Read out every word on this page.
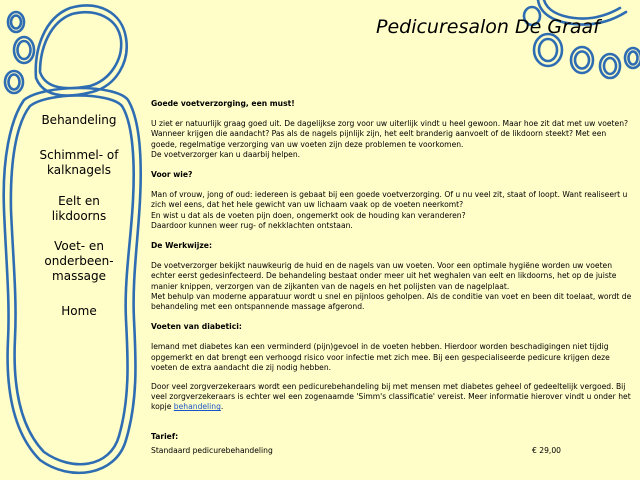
Pedicuresalon De Graaf
Behandeling
Schimmel- of kalknagels
Eelt en likdoorns
Voet- en onderbeen-massage
Home
Goede voetverzorging, een must!

U ziet er natuurlijk graag goed uit. De dagelijkse zorg voor uw uiterlijk vindt u heel gewoon. Maar hoe zit dat met uw voeten? Wanneer krijgen die aandacht? Pas als de nagels pijnlijk zijn, het eelt branderig aanvoelt of de likdoorn steekt? Met een goede, regelmatige verzorging van uw voeten zijn deze problemen te voorkomen.

De voetverzorger kan u daarbij helpen.

Voor wie?

Man of vrouw, jong of oud: iedereen is gebaat bij een goede voetverzorging. Of u nu veel zit, staat of loopt. Want realiseert u zich wel eens, dat het hele gewicht van uw lichaam vaak op de voeten neerkomt?

En wist u dat als de voeten pijn doen, ongemerkt ook de houding kan veranderen?

Daardoor kunnen weer rug- of nekklachten ontstaan.

De Werkwijze:

De voetverzorger bekijkt nauwkeurig de huid en de nagels van uw voeten. Voor een optimale hygiëne worden uw voeten echter eerst gedesinfecteerd. De behandeling bestaat onder meer uit het weghalen van eelt en likdoorns, het op de juiste manier knippen, verzorgen van de zijkanten van de nagels en het polijsten van de nagelplaat.

Met behulp van moderne apparatuur wordt u snel en pijnloos geholpen. Als de conditie van voet en been dit toelaat, wordt de behandeling met een ontspannende massage afgerond.

Voeten van diabetici:

Iemand met diabetes kan een verminderd (pijn)gevoel in de voeten hebben. Hierdoor worden beschadigingen niet tijdig opgemerkt en dat brengt een verhoogd risico voor infectie met zich mee. Bij een gespecialiseerde pedicure krijgen deze voeten de extra aandacht die zij nodig hebben.

Door veel zorgverzekeraars wordt een pedicurebehandeling bij met mensen met diabetes geheel of gedeeltelijk vergoed. Bij veel zorgverzekeraars is echter wel een zogenaamde 'Simm's classificatie' vereist. Meer informatie hierover vindt u onder het kopje behandeling.

Tarief:
Standaard pedicurebehandeling	€ 29,00
